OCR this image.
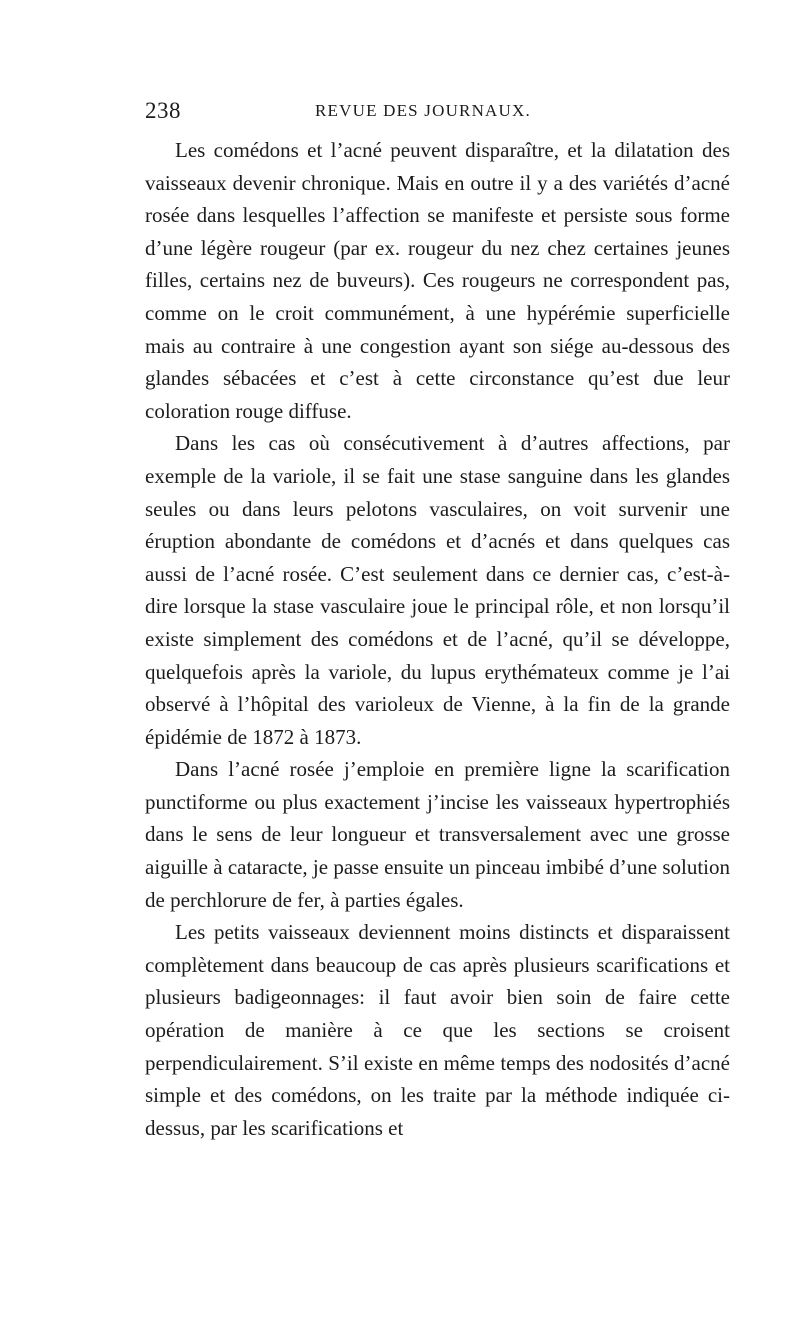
238	REVUE DES JOURNAUX.

Les comédons et l’acné peuvent disparaître, et la dilatation des vaisseaux devenir chronique. Mais en outre il y a des variétés d’acné rosée dans lesquelles l’affection se manifeste et persiste sous forme d’une légère rougeur (par ex. rougeur du nez chez certaines jeunes filles, certains nez de buveurs). Ces rougeurs ne correspondent pas, comme on le croit communément, à une hypérémie superficielle mais au contraire à une congestion ayant son siége au-dessous des glandes sébacées et c’est à cette circonstance qu’est due leur coloration rouge diffuse.

Dans les cas où consécutivement à d’autres affections, par exemple de la variole, il se fait une stase sanguine dans les glandes seules ou dans leurs pelotons vasculaires, on voit survenir une éruption abondante de comédons et d’acnés et dans quelques cas aussi de l’acné rosée. C’est seulement dans ce dernier cas, c’est-à-dire lorsque la stase vasculaire joue le principal rôle, et non lorsqu’il existe simplement des comédons et de l’acné, qu’il se développe, quelquefois après la variole, du lupus erythémateux comme je l’ai observé à l’hôpital des varioleux de Vienne, à la fin de la grande épidémie de 1872 à 1873.

Dans l’acné rosée j’emploie en première ligne la scarification punctiforme ou plus exactement j’incise les vaisseaux hypertrophiés dans le sens de leur longueur et transversalement avec une grosse aiguille à cataracte, je passe ensuite un pinceau imbibé d’une solution de perchlorure de fer, à parties égales.

Les petits vaisseaux deviennent moins distincts et disparaissent complètement dans beaucoup de cas après plusieurs scarifications et plusieurs badigeonnages: il faut avoir bien soin de faire cette opération de manière à ce que les sections se croisent perpendiculairement. S’il existe en même temps des nodosités d’acné simple et des comédons, on les traite par la méthode indiquée ci-dessus, par les scarifications et
